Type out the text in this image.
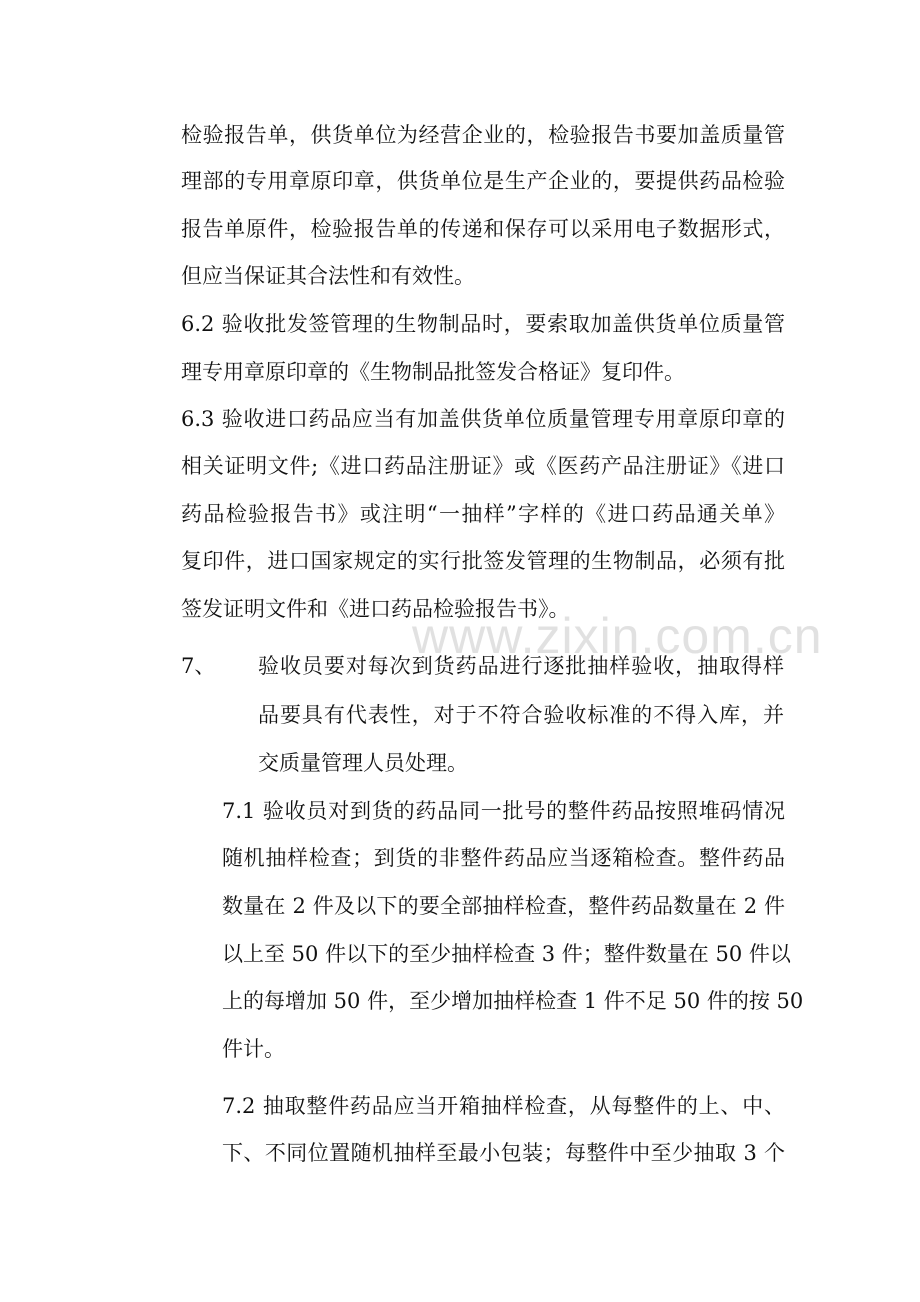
www.zixin.com.cn

检验报告单，供货单位为经营企业的，检验报告书要加盖质量管

理部的专用章原印章，供货单位是生产企业的，要提供药品检验

报告单原件，检验报告单的传递和保存可以采用电子数据形式，

但应当保证其合法性和有效性。

6.2 验收批发签管理的生物制品时，要索取加盖供货单位质量管

理专用章原印章的《生物制品批签发合格证》复印件。

6.3 验收进口药品应当有加盖供货单位质量管理专用章原印章的

相关证明文件;《进口药品注册证》或《医药产品注册证》《进口

药品检验报告书》或注明“一抽样”字样的《进口药品通关单》

复印件，进口国家规定的实行批签发管理的生物制品，必须有批

签发证明文件和《进口药品检验报告书》。

7、 验收员要对每次到货药品进行逐批抽样验收，抽取得样

品要具有代表性，对于不符合验收标准的不得入库，并

交质量管理人员处理。

7.1 验收员对到货的药品同一批号的整件药品按照堆码情况

随机抽样检查；到货的非整件药品应当逐箱检查。整件药品

数量在 2 件及以下的要全部抽样检查，整件药品数量在 2 件

以上至 50 件以下的至少抽样检查 3 件；整件数量在 50 件以

上的每增加 50 件，至少增加抽样检查 1 件不足 50 件的按 50

件计。

7.2 抽取整件药品应当开箱抽样检查，从每整件的上、中、

下、不同位置随机抽样至最小包装；每整件中至少抽取 3 个
